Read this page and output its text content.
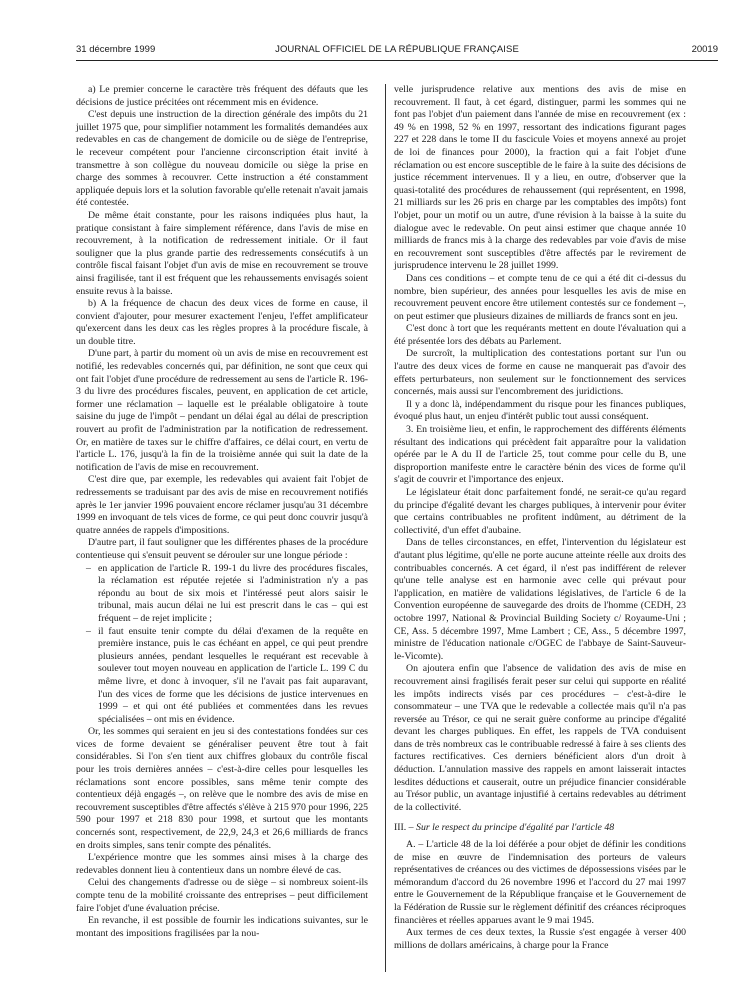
31 décembre 1999	JOURNAL OFFICIEL DE LA RÉPUBLIQUE FRANÇAISE	20019

a) Le premier concerne le caractère très fréquent des défauts que les décisions de justice précitées ont récemment mis en évidence.

C'est depuis une instruction de la direction générale des impôts du 21 juillet 1975 que, pour simplifier notamment les formalités demandées aux redevables en cas de changement de domicile ou de siège de l'entreprise, le receveur compétent pour l'ancienne circonscription était invité à transmettre à son collègue du nouveau domicile ou siège la prise en charge des sommes à recouvrer. Cette instruction a été constamment appliquée depuis lors et la solution favorable qu'elle retenait n'avait jamais été contestée.

De même était constante, pour les raisons indiquées plus haut, la pratique consistant à faire simplement référence, dans l'avis de mise en recouvrement, à la notification de redressement initiale. Or il faut souligner que la plus grande partie des redressements consécutifs à un contrôle fiscal faisant l'objet d'un avis de mise en recouvrement se trouve ainsi fragilisée, tant il est fréquent que les rehaussements envisagés soient ensuite revus à la baisse.

b) A la fréquence de chacun des deux vices de forme en cause, il convient d'ajouter, pour mesurer exactement l'enjeu, l'effet amplificateur qu'exercent dans les deux cas les règles propres à la procédure fiscale, à un double titre.

D'une part, à partir du moment où un avis de mise en recouvrement est notifié, les redevables concernés qui, par définition, ne sont que ceux qui ont fait l'objet d'une procédure de redressement au sens de l'article R. 196-3 du livre des procédures fiscales, peuvent, en application de cet article, former une réclamation – laquelle est le préalable obligatoire à toute saisine du juge de l'impôt – pendant un délai égal au délai de prescription rouvert au profit de l'administration par la notification de redressement. Or, en matière de taxes sur le chiffre d'affaires, ce délai court, en vertu de l'article L. 176, jusqu'à la fin de la troisième année qui suit la date de la notification de l'avis de mise en recouvrement.

C'est dire que, par exemple, les redevables qui avaient fait l'objet de redressements se traduisant par des avis de mise en recouvrement notifiés après le 1er janvier 1996 pouvaient encore réclamer jusqu'au 31 décembre 1999 en invoquant de tels vices de forme, ce qui peut donc couvrir jusqu'à quatre années de rappels d'impositions.

D'autre part, il faut souligner que les différentes phases de la procédure contentieuse qui s'ensuit peuvent se dérouler sur une longue période :

– en application de l'article R. 199-1 du livre des procédures fiscales, la réclamation est réputée rejetée si l'administration n'y a pas répondu au bout de six mois et l'intéressé peut alors saisir le tribunal, mais aucun délai ne lui est prescrit dans le cas – qui est fréquent – de rejet implicite ;
– il faut ensuite tenir compte du délai d'examen de la requête en première instance, puis le cas échéant en appel, ce qui peut prendre plusieurs années, pendant lesquelles le requérant est recevable à soulever tout moyen nouveau en application de l'article L. 199 C du même livre, et donc à invoquer, s'il ne l'avait pas fait auparavant, l'un des vices de forme que les décisions de justice intervenues en 1999 – et qui ont été publiées et commentées dans les revues spécialisées – ont mis en évidence.

Or, les sommes qui seraient en jeu si des contestations fondées sur ces vices de forme devaient se généraliser peuvent être tout à fait considérables. Si l'on s'en tient aux chiffres globaux du contrôle fiscal pour les trois dernières années – c'est-à-dire celles pour lesquelles les réclamations sont encore possibles, sans même tenir compte des contentieux déjà engagés –, on relève que le nombre des avis de mise en recouvrement susceptibles d'être affectés s'élève à 215 970 pour 1996, 225 590 pour 1997 et 218 830 pour 1998, et surtout que les montants concernés sont, respectivement, de 22,9, 24,3 et 26,6 milliards de francs en droits simples, sans tenir compte des pénalités.

L'expérience montre que les sommes ainsi mises à la charge des redevables donnent lieu à contentieux dans un nombre élevé de cas.

Celui des changements d'adresse ou de siège – si nombreux soient-ils compte tenu de la mobilité croissante des entreprises – peut difficilement faire l'objet d'une évaluation précise.

En revanche, il est possible de fournir les indications suivantes, sur le montant des impositions fragilisées par la nou-

velle jurisprudence relative aux mentions des avis de mise en recouvrement. Il faut, à cet égard, distinguer, parmi les sommes qui ne font pas l'objet d'un paiement dans l'année de mise en recouvrement (ex : 49 % en 1998, 52 % en 1997, ressortant des indications figurant pages 227 et 228 dans le tome II du fascicule Voies et moyens annexé au projet de loi de finances pour 2000), la fraction qui a fait l'objet d'une réclamation ou est encore susceptible de le faire à la suite des décisions de justice récemment intervenues. Il y a lieu, en outre, d'observer que la quasi-totalité des procédures de rehaussement (qui représentent, en 1998, 21 milliards sur les 26 pris en charge par les comptables des impôts) font l'objet, pour un motif ou un autre, d'une révision à la baisse à la suite du dialogue avec le redevable. On peut ainsi estimer que chaque année 10 milliards de francs mis à la charge des redevables par voie d'avis de mise en recouvrement sont susceptibles d'être affectés par le revirement de jurisprudence intervenu le 28 juillet 1999.

Dans ces conditions – et compte tenu de ce qui a été dit ci-dessus du nombre, bien supérieur, des années pour lesquelles les avis de mise en recouvrement peuvent encore être utilement contestés sur ce fondement –, on peut estimer que plusieurs dizaines de milliards de francs sont en jeu.

C'est donc à tort que les requérants mettent en doute l'évaluation qui a été présentée lors des débats au Parlement.

De surcroît, la multiplication des contestations portant sur l'un ou l'autre des deux vices de forme en cause ne manquerait pas d'avoir des effets perturbateurs, non seulement sur le fonctionnement des services concernés, mais aussi sur l'encombrement des juridictions.

Il y a donc là, indépendamment du risque pour les finances publiques, évoqué plus haut, un enjeu d'intérêt public tout aussi conséquent.

3. En troisième lieu, et enfin, le rapprochement des différents éléments résultant des indications qui précèdent fait apparaître pour la validation opérée par le A du II de l'article 25, tout comme pour celle du B, une disproportion manifeste entre le caractère bénin des vices de forme qu'il s'agit de couvrir et l'importance des enjeux.

Le législateur était donc parfaitement fondé, ne serait-ce qu'au regard du principe d'égalité devant les charges publiques, à intervenir pour éviter que certains contribuables ne profitent indûment, au détriment de la collectivité, d'un effet d'aubaine.

Dans de telles circonstances, en effet, l'intervention du législateur est d'autant plus légitime, qu'elle ne porte aucune atteinte réelle aux droits des contribuables concernés. A cet égard, il n'est pas indifférent de relever qu'une telle analyse est en harmonie avec celle qui prévaut pour l'application, en matière de validations législatives, de l'article 6 de la Convention européenne de sauvegarde des droits de l'homme (CEDH, 23 octobre 1997, National & Provincial Building Society c/ Royaume-Uni ; CE, Ass. 5 décembre 1997, Mme Lambert ; CE, Ass., 5 décembre 1997, ministre de l'éducation nationale c/OGEC de l'abbaye de Saint-Sauveur-le-Vicomte).

On ajoutera enfin que l'absence de validation des avis de mise en recouvrement ainsi fragilisés ferait peser sur celui qui supporte en réalité les impôts indirects visés par ces procédures – c'est-à-dire le consommateur – une TVA que le redevable a collectée mais qu'il n'a pas reversée au Trésor, ce qui ne serait guère conforme au principe d'égalité devant les charges publiques. En effet, les rappels de TVA conduisent dans de très nombreux cas le contribuable redressé à faire à ses clients des factures rectificatives. Ces derniers bénéficient alors d'un droit à déduction. L'annulation massive des rappels en amont laisserait intactes lesdites déductions et causerait, outre un préjudice financier considérable au Trésor public, un avantage injustifié à certains redevables au détriment de la collectivité.

III. – Sur le respect du principe d'égalité par l'article 48

A. – L'article 48 de la loi déférée a pour objet de définir les conditions de mise en œuvre de l'indemnisation des porteurs de valeurs représentatives de créances ou des victimes de dépossessions visées par le mémorandum d'accord du 26 novembre 1996 et l'accord du 27 mai 1997 entre le Gouvernement de la République française et le Gouvernement de la Fédération de Russie sur le règlement définitif des créances réciproques financières et réelles apparues avant le 9 mai 1945.

Aux termes de ces deux textes, la Russie s'est engagée à verser 400 millions de dollars américains, à charge pour la France
